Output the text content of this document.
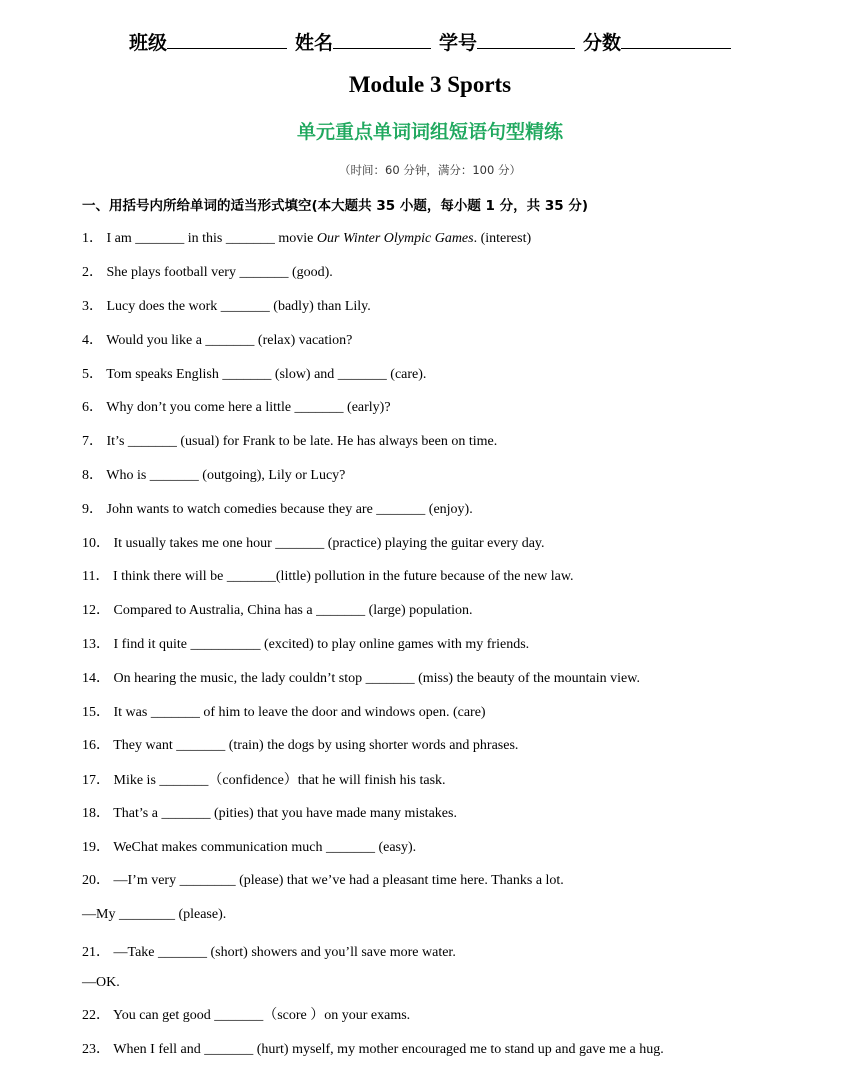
班级	姓名	学号	分数
Module 3 Sports
单元重点单词词组短语句型精练
（时间：60 分钟，满分：100 分）
一、用括号内所给单词的适当形式填空(本大题共 35 小题，每小题 1 分，共 35 分)
1． I am _______ in this _______ movie Our Winter Olympic Games. (interest)
2． She plays football very _______ (good).
3． Lucy does the work _______ (badly) than Lily.
4． Would you like a _______ (relax) vacation?
5． Tom speaks English _______ (slow) and _______ (care).
6． Why don’t you come here a little _______ (early)?
7． It’s _______ (usual) for Frank to be late. He has always been on time.
8． Who is _______ (outgoing), Lily or Lucy?
9． John wants to watch comedies because they are _______ (enjoy).
10． It usually takes me one hour _______ (practice) playing the guitar every day.
11． I think there will be _______(little) pollution in the future because of the new law.
12． Compared to Australia, China has a _______ (large) population.
13． I find it quite __________ (excited) to play online games with my friends.
14． On hearing the music, the lady couldn’t stop _______ (miss) the beauty of the mountain view.
15． It was _______ of him to leave the door and windows open. (care)
16． They want _______ (train) the dogs by using shorter words and phrases.
17． Mike is _______（confidence）that he will finish his task.
18． That’s a _______ (pities) that you have made many mistakes.
19． WeChat makes communication much _______ (easy).
20． —I’m very ________ (please) that we’ve had a pleasant time here. Thanks a lot.
—My ________ (please).
21． —Take _______ (short) showers and you’ll save more water.
—OK.
22． You can get good _______（score ）on your exams.
23． When I fell and _______ (hurt) myself, my mother encouraged me to stand up and gave me a hug.
